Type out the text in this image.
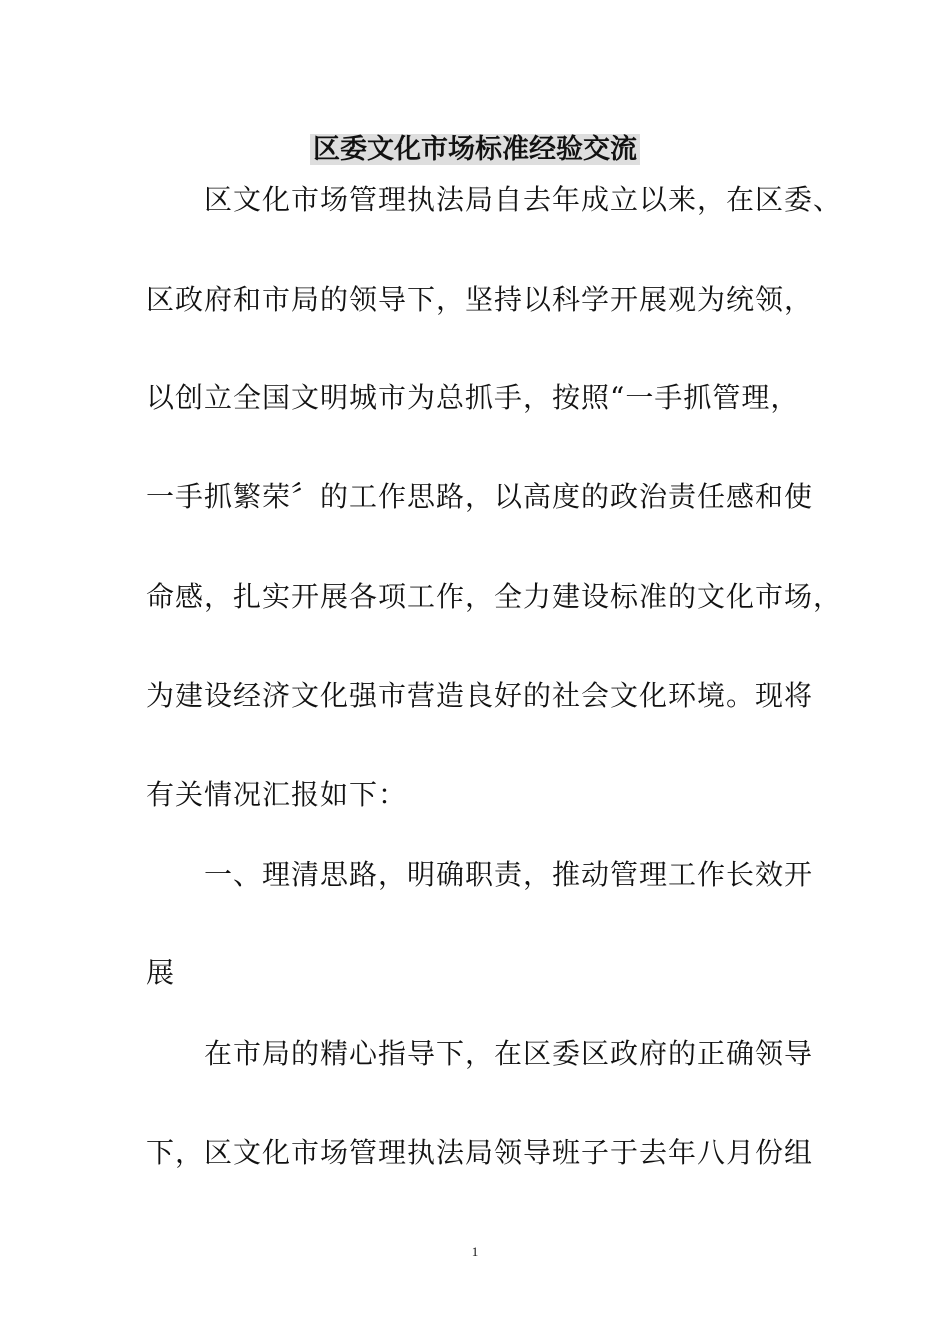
区委文化市场标准经验交流
区文化市场管理执法局自去年成立以来，在区委、
区政府和市局的领导下，坚持以科学开展观为统领，
以创立全国文明城市为总抓手，按照“一手抓管理，
一手抓繁荣〞的工作思路，以高度的政治责任感和使
命感，扎实开展各项工作，全力建设标准的文化市场，
为建设经济文化强市营造良好的社会文化环境。现将
有关情况汇报如下：
一、理清思路，明确职责，推动管理工作长效开
展
在市局的精心指导下，在区委区政府的正确领导
下，区文化市场管理执法局领导班子于去年八月份组
1
